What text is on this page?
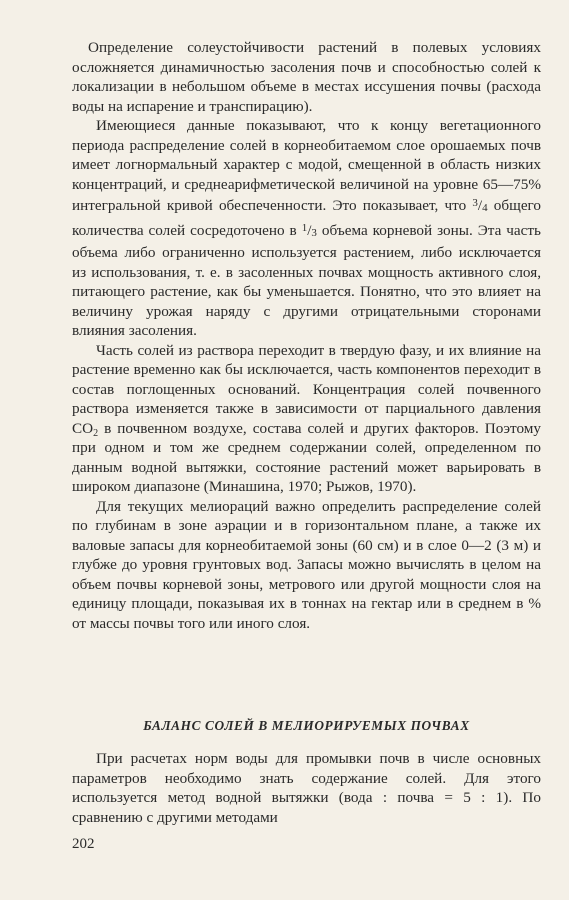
Определение солеустойчивости растений в полевых условиях осложняется динамичностью засоления почв и способностью солей к локализации в небольшом объеме в местах иссушения почвы (расхода воды на испарение и транспирацию).

Имеющиеся данные показывают, что к концу вегетационного периода распределение солей в корнеобитаемом слое орошаемых почв имеет логнормальный характер с модой, смещенной в область низких концентраций, и среднеарифметической величиной на уровне 65—75% интегральной кривой обеспеченности. Это показывает, что $^3$/4 общего количества солей сосредоточено в $^1$/3 объема корневой зоны. Эта часть объема либо ограниченно используется растением, либо исключается из использования, т. е. в засоленных почвах мощность активного слоя, питающего растение, как бы уменьшается. Понятно, что это влияет на величину урожая наряду с другими отрицательными сторонами влияния засоления.

Часть солей из раствора переходит в твердую фазу, и их влияние на растение временно как бы исключается, часть компонентов переходит в состав поглощенных оснований. Концентрация солей почвенного раствора изменяется также в зависимости от парциального давления $CO_2$ в почвенном воздухе, состава солей и других факторов. Поэтому при одном и том же среднем содержании солей, определенном по данным водной вытяжки, состояние растений может варьировать в широком диапазоне (Минашина, 1970; Рыжов, 1970).

Для текущих мелиораций важно определить распределение солей по глубинам в зоне аэрации и в горизонтальном плане, а также их валовые запасы для корнеобитаемой зоны (60 см) и в слое 0—2 (3 м) и глубже до уровня грунтовых вод. Запасы можно вычислять в целом на объем почвы корневой зоны, метрового или другой мощности слоя на единицу площади, показывая их в тоннах на гектар или в среднем в % от массы почвы того или иного слоя.

БАЛАНС СОЛЕЙ В МЕЛИОРИРУЕМЫХ ПОЧВАХ

При расчетах норм воды для промывки почв в числе основных параметров необходимо знать содержание солей. Для этого используется метод водной вытяжки (вода : почва = 5 : 1). По сравнению с другими методами

202
